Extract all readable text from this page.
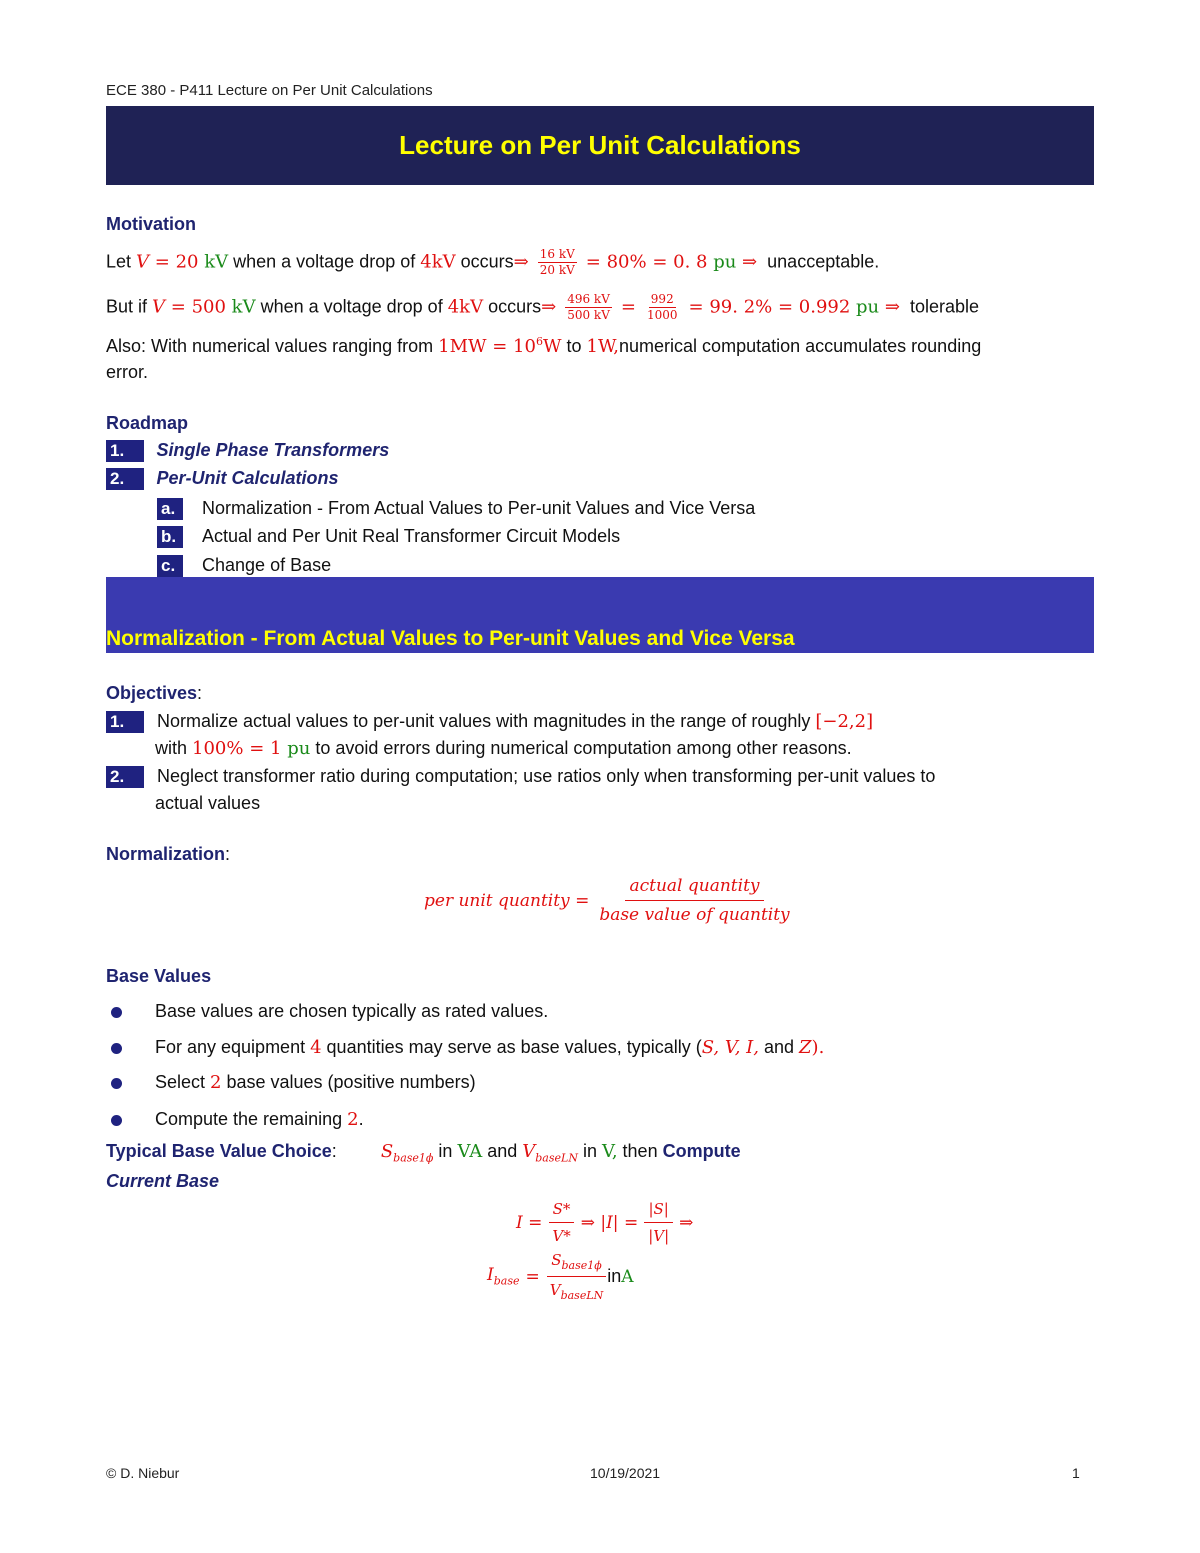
ECE 380 - P411 Lecture on Per Unit Calculations
Lecture on Per Unit Calculations
Motivation
Let V = 20 kV when a voltage drop of 4kV occurs⇒ $\frac{16 kV}{20 kV} = 80\% = 0$. 8 pu ⇒ unacceptable.
But if V = 500 kV when a voltage drop of 4kV occurs⇒ $\frac{496 kV}{500 kV} = \frac{992}{1000} = 99$. 2% = 0.992 pu ⇒ tolerable
Also: With numerical values ranging from $1MW = 10^6W$ to 1W,numerical computation accumulates rounding
error.
Roadmap
1. Single Phase Transformers
2. Per-Unit Calculations
a. Normalization - From Actual Values to Per-unit Values and Vice Versa
b. Actual and Per Unit Real Transformer Circuit Models
c. Change of Base
Normalization - From Actual Values to Per-unit Values and Vice Versa
Objectives:
1. Normalize actual values to per-unit values with magnitudes in the range of roughly [−2,2]
with 100% = 1 pu to avoid errors during numerical computation among other reasons.
2. Neglect transformer ratio during computation; use ratios only when transforming per-unit values to
actual values
Normalization:
per unit quantity = $\frac{\text{actual quantity}}{\text{base value of quantity}}$
Base Values
Base values are chosen typically as rated values.
For any equipment 4 quantities may serve as base values, typically (S, V, I, and Z).
Select 2 base values (positive numbers)
Compute the remaining 2.
Typical Base Value Choice: $S_{base1\phi}$ in VA and $V_{baseLN}$ in V, then Compute
Current Base
$I = \frac{S*}{V*}$ ⇒ $|I| = \frac{|S|}{|V|}$ ⇒
$I_{base} = \frac{S_{base1\phi}}{V_{baseLN}}$ in A
© D. Niebur	10/19/2021	1
